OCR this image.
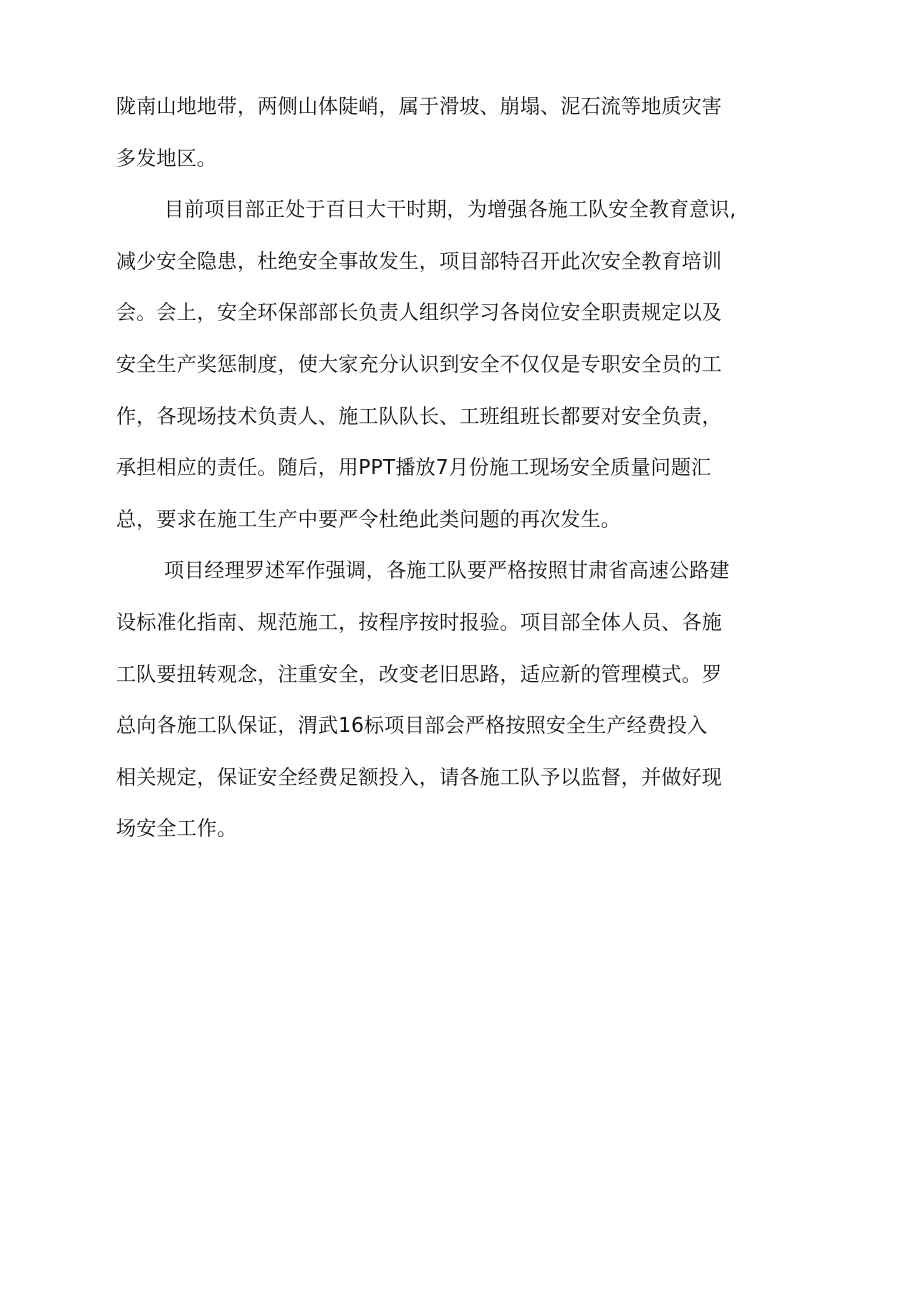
陇南山地地带，两侧山体陡峭，属于滑坡、崩塌、泥石流等地质灾害
多发地区。
目前项目部正处于百日大干时期，为增强各施工队安全教育意识,
减少安全隐患，杜绝安全事故发生，项目部特召开此次安全教育培训
会。会上，安全环保部部长负责人组织学习各岗位安全职责规定以及
安全生产奖惩制度，使大家充分认识到安全不仅仅是专职安全员的工
作，各现场技术负责人、施工队队长、工班组班长都要对安全负责，
承担相应的责任。随后，用PPT播放7月份施工现场安全质量问题汇
总，要求在施工生产中要严令杜绝此类问题的再次发生。
项目经理罗述军作强调，各施工队要严格按照甘肃省高速公路建
设标准化指南、规范施工，按程序按时报验。项目部全体人员、各施
工队要扭转观念，注重安全，改变老旧思路，适应新的管理模式。罗
总向各施工队保证，渭武16标项目部会严格按照安全生产经费投入
相关规定，保证安全经费足额投入，请各施工队予以监督，并做好现
场安全工作。
